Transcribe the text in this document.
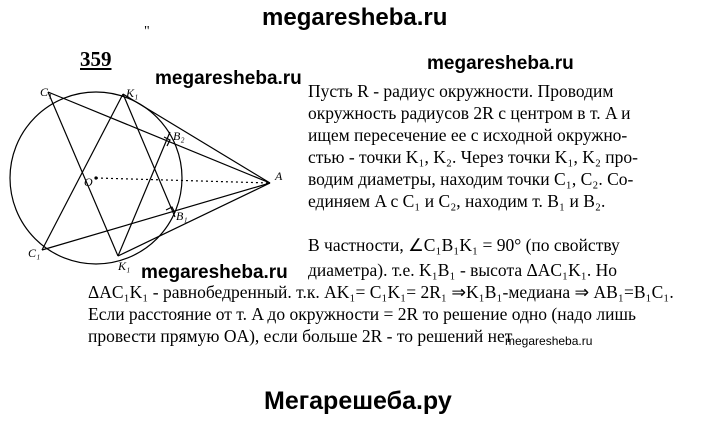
megaresheba.ru
"
359	megaresheba.ru
megaresheba.ru
C₁	K₁
B₂
O	A
B₁
C₁
K₁
Пусть R - радиус окружности. Проводим
окружность радиусов 2R с центром в т. A и
ищем пересечение ее с исходной окружно-
стью - точки K₁, K₂. Через точки K₁, K₂ про-
водим диаметры, находим точки C₁, C₂. Со-
единяем A с C₁ и C₂, находим т. B₁ и B₂.
В частности, ∠C₁B₁K₁ = 90° (по свойству
диаметра). т.е. K₁B₁ - высота ΔAC₁K₁. Но
ΔAC₁K₁ - равнобедренный. т.к. AK₁= C₁K₁= 2R₁ ⇒K₁B₁-медиана ⇒ AB₁=B₁C₁.
Если расстояние от т. A до окружности = 2R то решение одно (надо лишь
провести прямую OA), если больше 2R - то решений нет
megaresheba.ru
megaresheba.ru
Мегарешеба.ру
